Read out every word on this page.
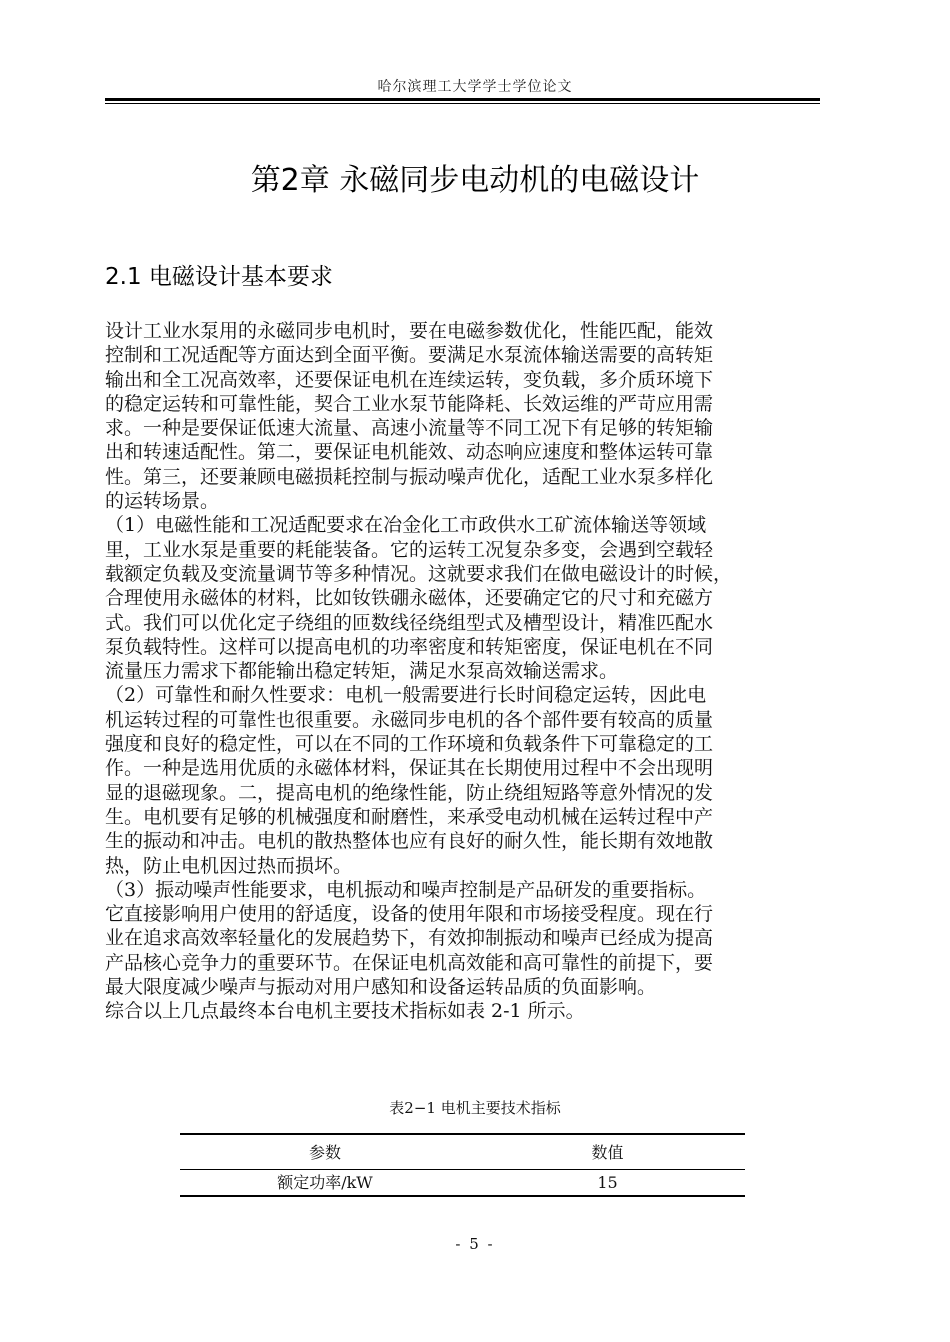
哈尔滨理工大学学士学位论文
第2章 永磁同步电动机的电磁设计
2.1 电磁设计基本要求
设计工业水泵用的永磁同步电机时，要在电磁参数优化，性能匹配，能效
控制和工况适配等方面达到全面平衡。要满足水泵流体输送需要的高转矩
输出和全工况高效率，还要保证电机在连续运转，变负载，多介质环境下
的稳定运转和可靠性能，契合工业水泵节能降耗、长效运维的严苛应用需
求。一种是要保证低速大流量、高速小流量等不同工况下有足够的转矩输
出和转速适配性。第二，要保证电机能效、动态响应速度和整体运转可靠
性。第三，还要兼顾电磁损耗控制与振动噪声优化，适配工业水泵多样化
的运转场景。
（1）电磁性能和工况适配要求在冶金化工市政供水工矿流体输送等领域
里，工业水泵是重要的耗能装备。它的运转工况复杂多变，会遇到空载轻
载额定负载及变流量调节等多种情况。这就要求我们在做电磁设计的时候，
合理使用永磁体的材料，比如钕铁硼永磁体，还要确定它的尺寸和充磁方
式。我们可以优化定子绕组的匝数线径绕组型式及槽型设计，精准匹配水
泵负载特性。这样可以提高电机的功率密度和转矩密度，保证电机在不同
流量压力需求下都能输出稳定转矩，满足水泵高效输送需求。
（2）可靠性和耐久性要求：电机一般需要进行长时间稳定运转，因此电
机运转过程的可靠性也很重要。永磁同步电机的各个部件要有较高的质量
强度和良好的稳定性，可以在不同的工作环境和负载条件下可靠稳定的工
作。一种是选用优质的永磁体材料，保证其在长期使用过程中不会出现明
显的退磁现象。二，提高电机的绝缘性能，防止绕组短路等意外情况的发
生。电机要有足够的机械强度和耐磨性，来承受电动机械在运转过程中产
生的振动和冲击。电机的散热整体也应有良好的耐久性，能长期有效地散
热，防止电机因过热而损坏。
（3）振动噪声性能要求，电机振动和噪声控制是产品研发的重要指标。
它直接影响用户使用的舒适度，设备的使用年限和市场接受程度。现在行
业在追求高效率轻量化的发展趋势下，有效抑制振动和噪声已经成为提高
产品核心竞争力的重要环节。在保证电机高效能和高可靠性的前提下，要
最大限度减少噪声与振动对用户感知和设备运转品质的负面影响。
综合以上几点最终本台电机主要技术指标如表 2-1 所示。
表2−1 电机主要技术指标
参数	数值
额定功率/kW	15
- 5 -
